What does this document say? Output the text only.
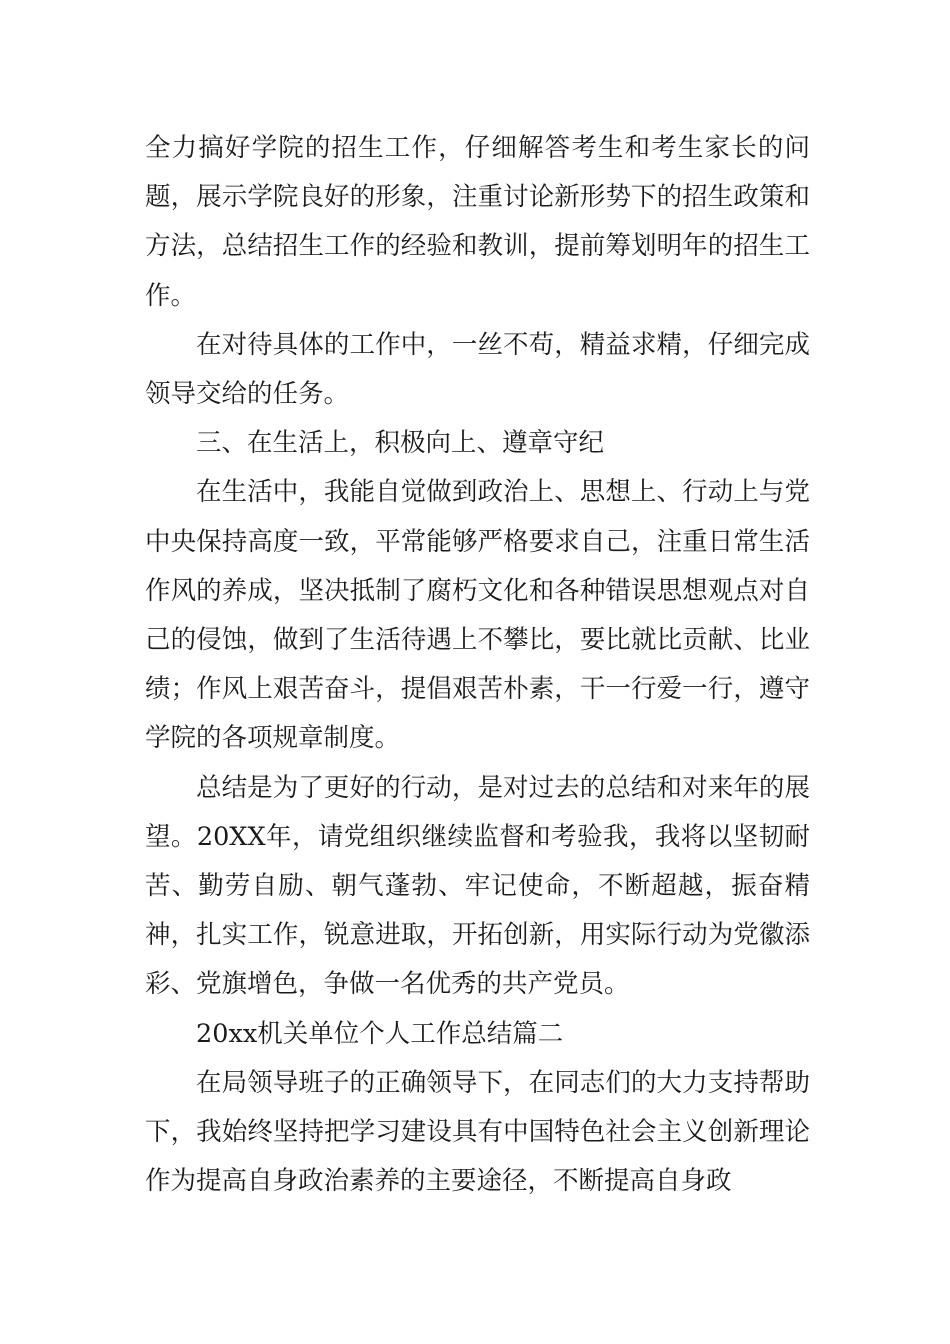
全力搞好学院的招生工作，仔细解答考生和考生家长的问题，展示学院良好的形象，注重讨论新形势下的招生政策和方法，总结招生工作的经验和教训，提前筹划明年的招生工作。

在对待具体的工作中，一丝不苟，精益求精，仔细完成领导交给的任务。

三、在生活上，积极向上、遵章守纪

在生活中，我能自觉做到政治上、思想上、行动上与党中央保持高度一致，平常能够严格要求自己，注重日常生活作风的养成，坚决抵制了腐朽文化和各种错误思想观点对自己的侵蚀，做到了生活待遇上不攀比，要比就比贡献、比业绩；作风上艰苦奋斗，提倡艰苦朴素，干一行爱一行，遵守学院的各项规章制度。

总结是为了更好的行动，是对过去的总结和对来年的展望。20XX年，请党组织继续监督和考验我，我将以坚韧耐苦、勤劳自励、朝气蓬勃、牢记使命，不断超越，振奋精神，扎实工作，锐意进取，开拓创新，用实际行动为党徽添彩、党旗增色，争做一名优秀的共产党员。

20xx机关单位个人工作总结篇二

在局领导班子的正确领导下，在同志们的大力支持帮助下，我始终坚持把学习建设具有中国特色社会主义创新理论作为提高自身政治素养的主要途径，不断提高自身政
